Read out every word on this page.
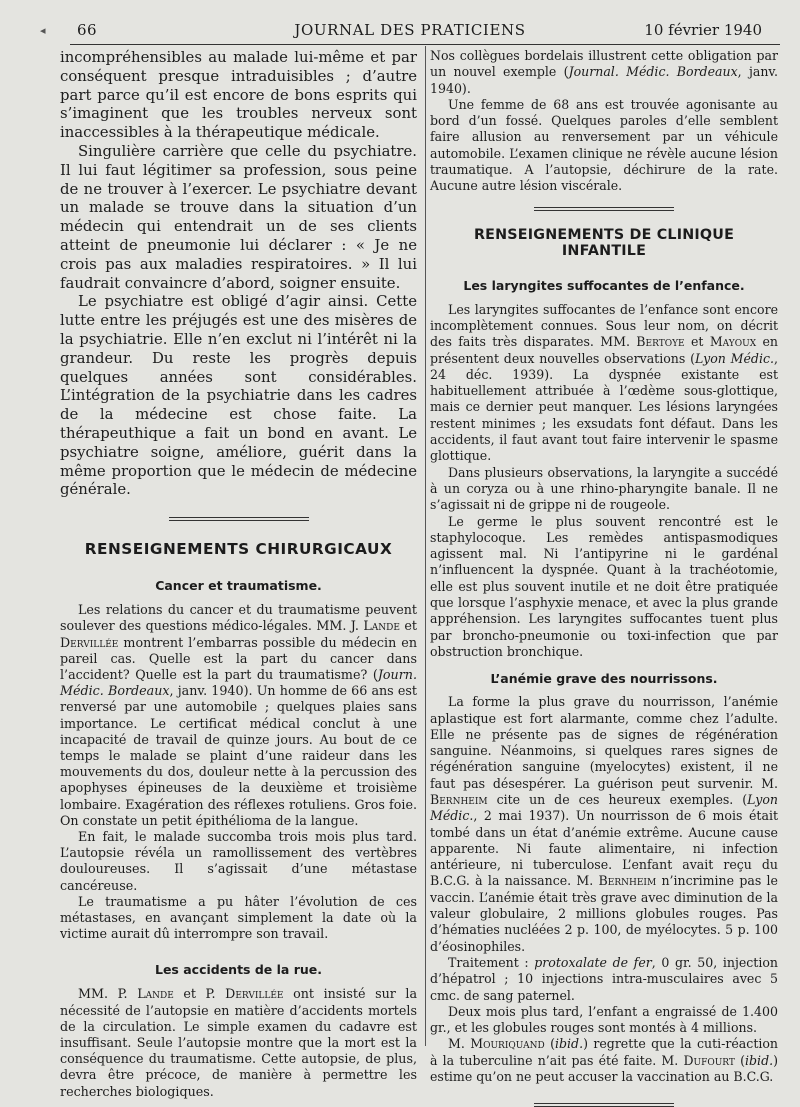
◂ 66	JOURNAL DES PRATICIENS	10 février 1940

incompréhensibles au malade lui-même et par conséquent presque intraduisibles ; d’autre part parce qu’il est encore de bons esprits qui s’imaginent que les troubles nerveux sont inaccessibles à la thérapeutique médicale.

Singulière carrière que celle du psychiatre. Il lui faut légitimer sa profession, sous peine de ne trouver à l’exercer. Le psychiatre devant un malade se trouve dans la situation d’un médecin qui entendrait un de ses clients atteint de pneumonie lui déclarer : « Je ne crois pas aux maladies respiratoires. » Il lui faudrait convaincre d’abord, soigner ensuite.

Le psychiatre est obligé d’agir ainsi. Cette lutte entre les préjugés est une des misères de la psychiatrie. Elle n’en exclut ni l’intérêt ni la grandeur. Du reste les progrès depuis quelques années sont considérables. L’intégration de la psychiatrie dans les cadres de la médecine est chose faite. La thérapeuthique a fait un bond en avant. Le psychiatre soigne, améliore, guérit dans la même proportion que le médecin de médecine générale.

RENSEIGNEMENTS CHIRURGICAUX
Cancer et traumatisme.

Les relations du cancer et du traumatisme peuvent soulever des questions médico-légales. MM. J. Lande et Dervillée montrent l’embarras possible du médecin en pareil cas. Quelle est la part du cancer dans l’accident? Quelle est la part du traumatisme? (Journ. Médic. Bordeaux, janv. 1940). Un homme de 66 ans est renversé par une automobile ; quelques plaies sans importance. Le certificat médical conclut à une incapacité de travail de quinze jours. Au bout de ce temps le malade se plaint d’une raideur dans les mouvements du dos, douleur nette à la percussion des apophyses épineuses de la deuxième et troisième lombaire. Exagération des réflexes rotuliens. Gros foie. On constate un petit épithélioma de la langue.

En fait, le malade succomba trois mois plus tard. L’autopsie révéla un ramollissement des vertèbres douloureuses. Il s’agissait d’une métastase cancéreuse.

Le traumatisme a pu hâter l’évolution de ces métastases, en avançant simplement la date où la victime aurait dû interrompre son travail.

Les accidents de la rue.

MM. P. Lande et P. Dervillée ont insisté sur la nécessité de l’autopsie en matière d’accidents mortels de la circulation. Le simple examen du cadavre est insuffisant. Seule l’autopsie montre que la mort est la conséquence du traumatisme. Cette autopsie, de plus, devra être précoce, de manière à permettre les recherches biologiques.

Nos collègues bordelais illustrent cette obligation par un nouvel exemple (Journal. Médic. Bordeaux, janv. 1940).

Une femme de 68 ans est trouvée agonisante au bord d’un fossé. Quelques paroles d’elle semblent faire allusion au renversement par un véhicule automobile. L’examen clinique ne révèle aucune lésion traumatique. A l’autopsie, déchirure de la rate. Aucune autre lésion viscérale.

RENSEIGNEMENTS DE CLINIQUE INFANTILE
Les laryngites suffocantes de l’enfance.

Les laryngites suffocantes de l’enfance sont encore incomplètement connues. Sous leur nom, on décrit des faits très disparates. MM. Bertoye et Mayoux en présentent deux nouvelles observations (Lyon Médic., 24 déc. 1939). La dyspnée existante est habituellement attribuée à l’œdème sous-glottique, mais ce dernier peut manquer. Les lésions laryngées restent minimes ; les exsudats font défaut. Dans les accidents, il faut avant tout faire intervenir le spasme glottique.

Dans plusieurs observations, la laryngite a succédé à un coryza ou à une rhino-pharyngite banale. Il ne s’agissait ni de grippe ni de rougeole.

Le germe le plus souvent rencontré est le staphylocoque. Les remèdes antispasmodiques agissent mal. Ni l’antipyrine ni le gardénal n’influencent la dyspnée. Quant à la trachéotomie, elle est plus souvent inutile et ne doit être pratiquée que lorsque l’asphyxie menace, et avec la plus grande appréhension. Les laryngites suffocantes tuent plus par broncho-pneumonie ou toxi-infection que par obstruction bronchique.

L’anémie grave des nourrissons.

La forme la plus grave du nourrisson, l’anémie aplastique est fort alarmante, comme chez l’adulte. Elle ne présente pas de signes de régénération sanguine. Néanmoins, si quelques rares signes de régénération sanguine (myelocytes) existent, il ne faut pas désespérer. La guérison peut survenir. M. Bernheim cite un de ces heureux exemples. (Lyon Médic., 2 mai 1937). Un nourrisson de 6 mois était tombé dans un état d’anémie extrême. Aucune cause apparente. Ni faute alimentaire, ni infection antérieure, ni tuberculose. L’enfant avait reçu du B.C.G. à la naissance. M. Bernheim n’incrimine pas le vaccin. L’anémie était très grave avec diminution de la valeur globulaire, 2 millions globules rouges. Pas d’hématies nucléées 2 p. 100, de myélocytes. 5 p. 100 d’éosinophiles.

Traitement : protoxalate de fer, 0 gr. 50, injection d’hépatrol ; 10 injections intra-musculaires avec 5 cmc. de sang paternel.

Deux mois plus tard, l’enfant a engraissé de 1.400 gr., et les globules rouges sont montés à 4 millions.

M. Mouriquand (ibid.) regrette que la cuti-réaction à la tuberculine n’ait pas été faite. M. Dufourt (ibid.) estime qu’on ne peut accuser la vaccination au B.C.G.
